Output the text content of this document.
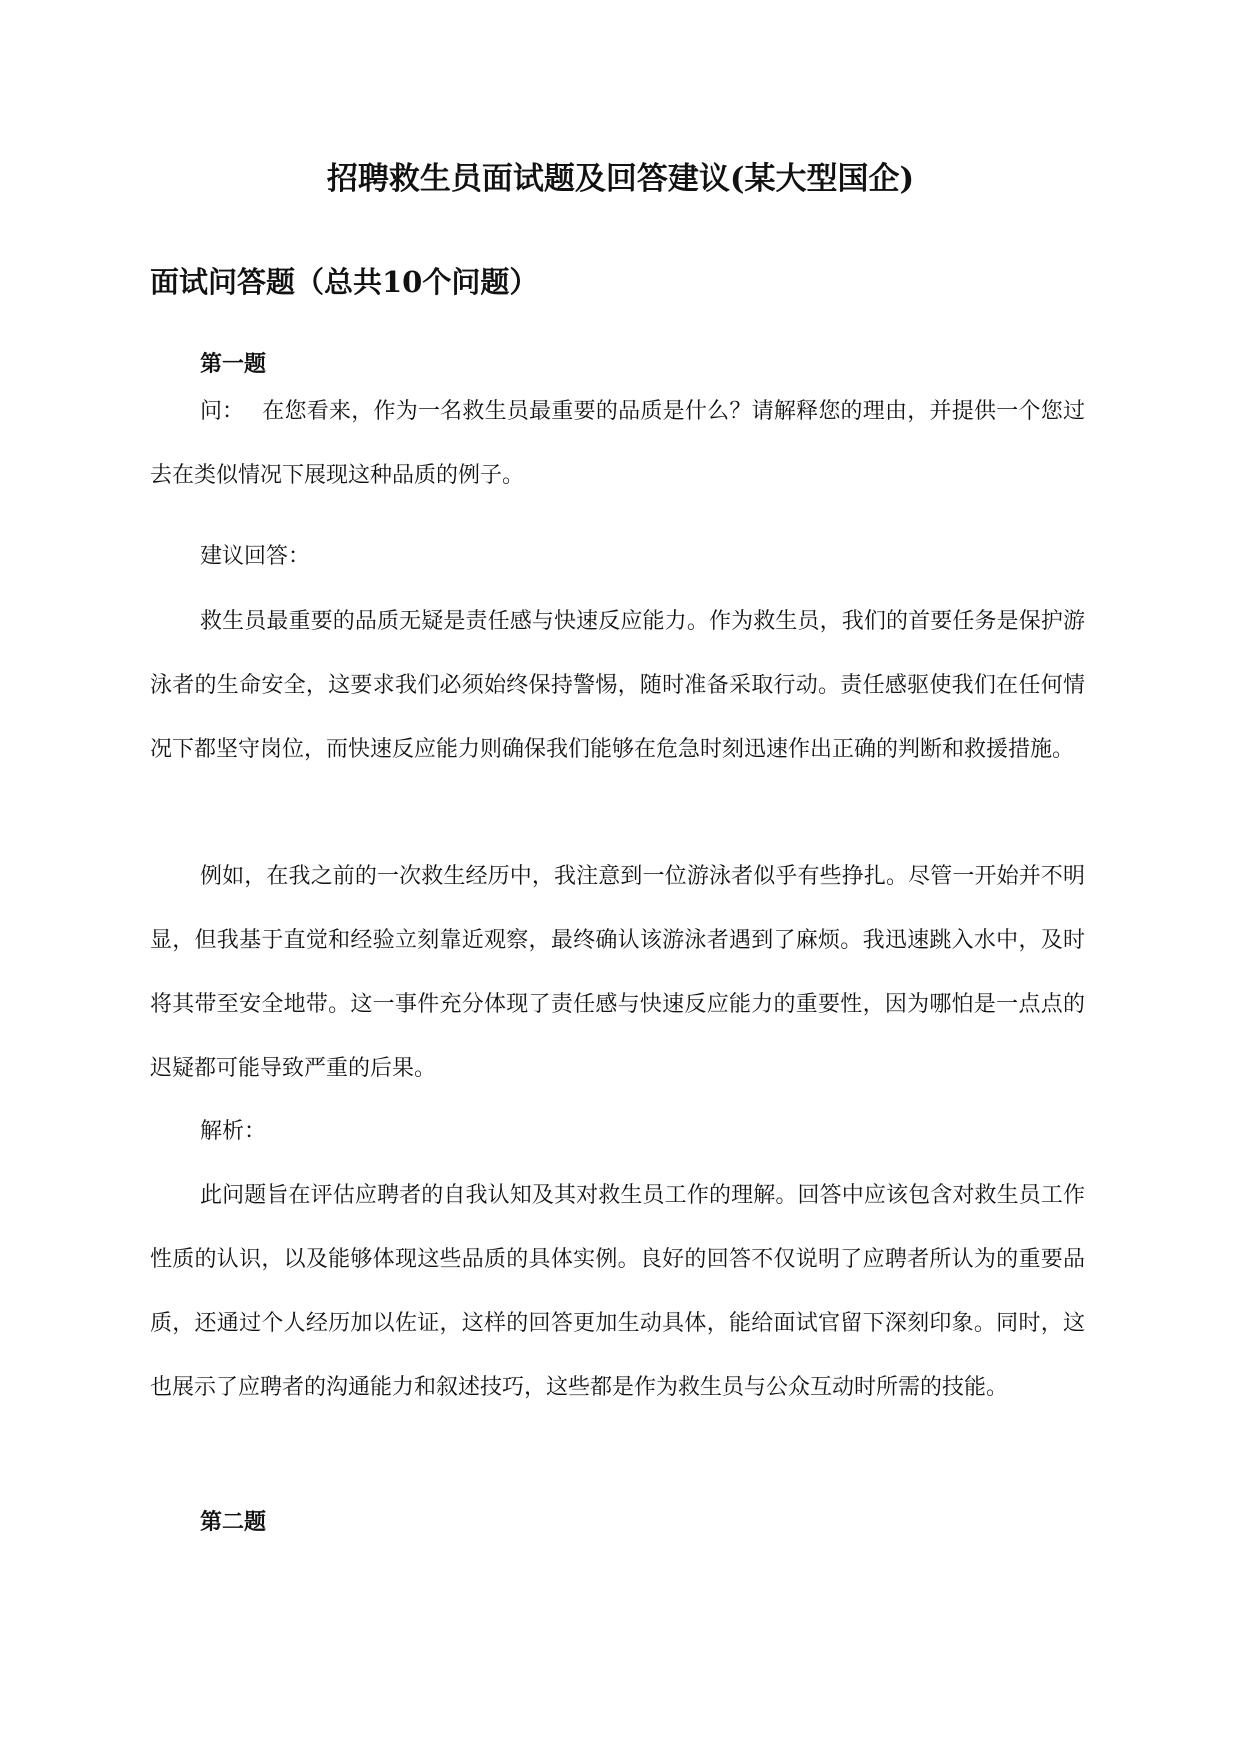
招聘救生员面试题及回答建议(某大型国企)
面试问答题（总共10个问题）
第一题

问： 在您看来，作为一名救生员最重要的品质是什么？请解释您的理由，并提供一个您过去在类似情况下展现这种品质的例子。

建议回答：

救生员最重要的品质无疑是责任感与快速反应能力。作为救生员，我们的首要任务是保护游泳者的生命安全，这要求我们必须始终保持警惕，随时准备采取行动。责任感驱使我们在任何情况下都坚守岗位，而快速反应能力则确保我们能够在危急时刻迅速作出正确的判断和救援措施。

例如，在我之前的一次救生经历中，我注意到一位游泳者似乎有些挣扎。尽管一开始并不明显，但我基于直觉和经验立刻靠近观察，最终确认该游泳者遇到了麻烦。我迅速跳入水中，及时将其带至安全地带。这一事件充分体现了责任感与快速反应能力的重要性，因为哪怕是一点点的迟疑都可能导致严重的后果。

解析：

此问题旨在评估应聘者的自我认知及其对救生员工作的理解。回答中应该包含对救生员工作性质的认识，以及能够体现这些品质的具体实例。良好的回答不仅说明了应聘者所认为的重要品质，还通过个人经历加以佐证，这样的回答更加生动具体，能给面试官留下深刻印象。同时，这也展示了应聘者的沟通能力和叙述技巧，这些都是作为救生员与公众互动时所需的技能。

第二题
